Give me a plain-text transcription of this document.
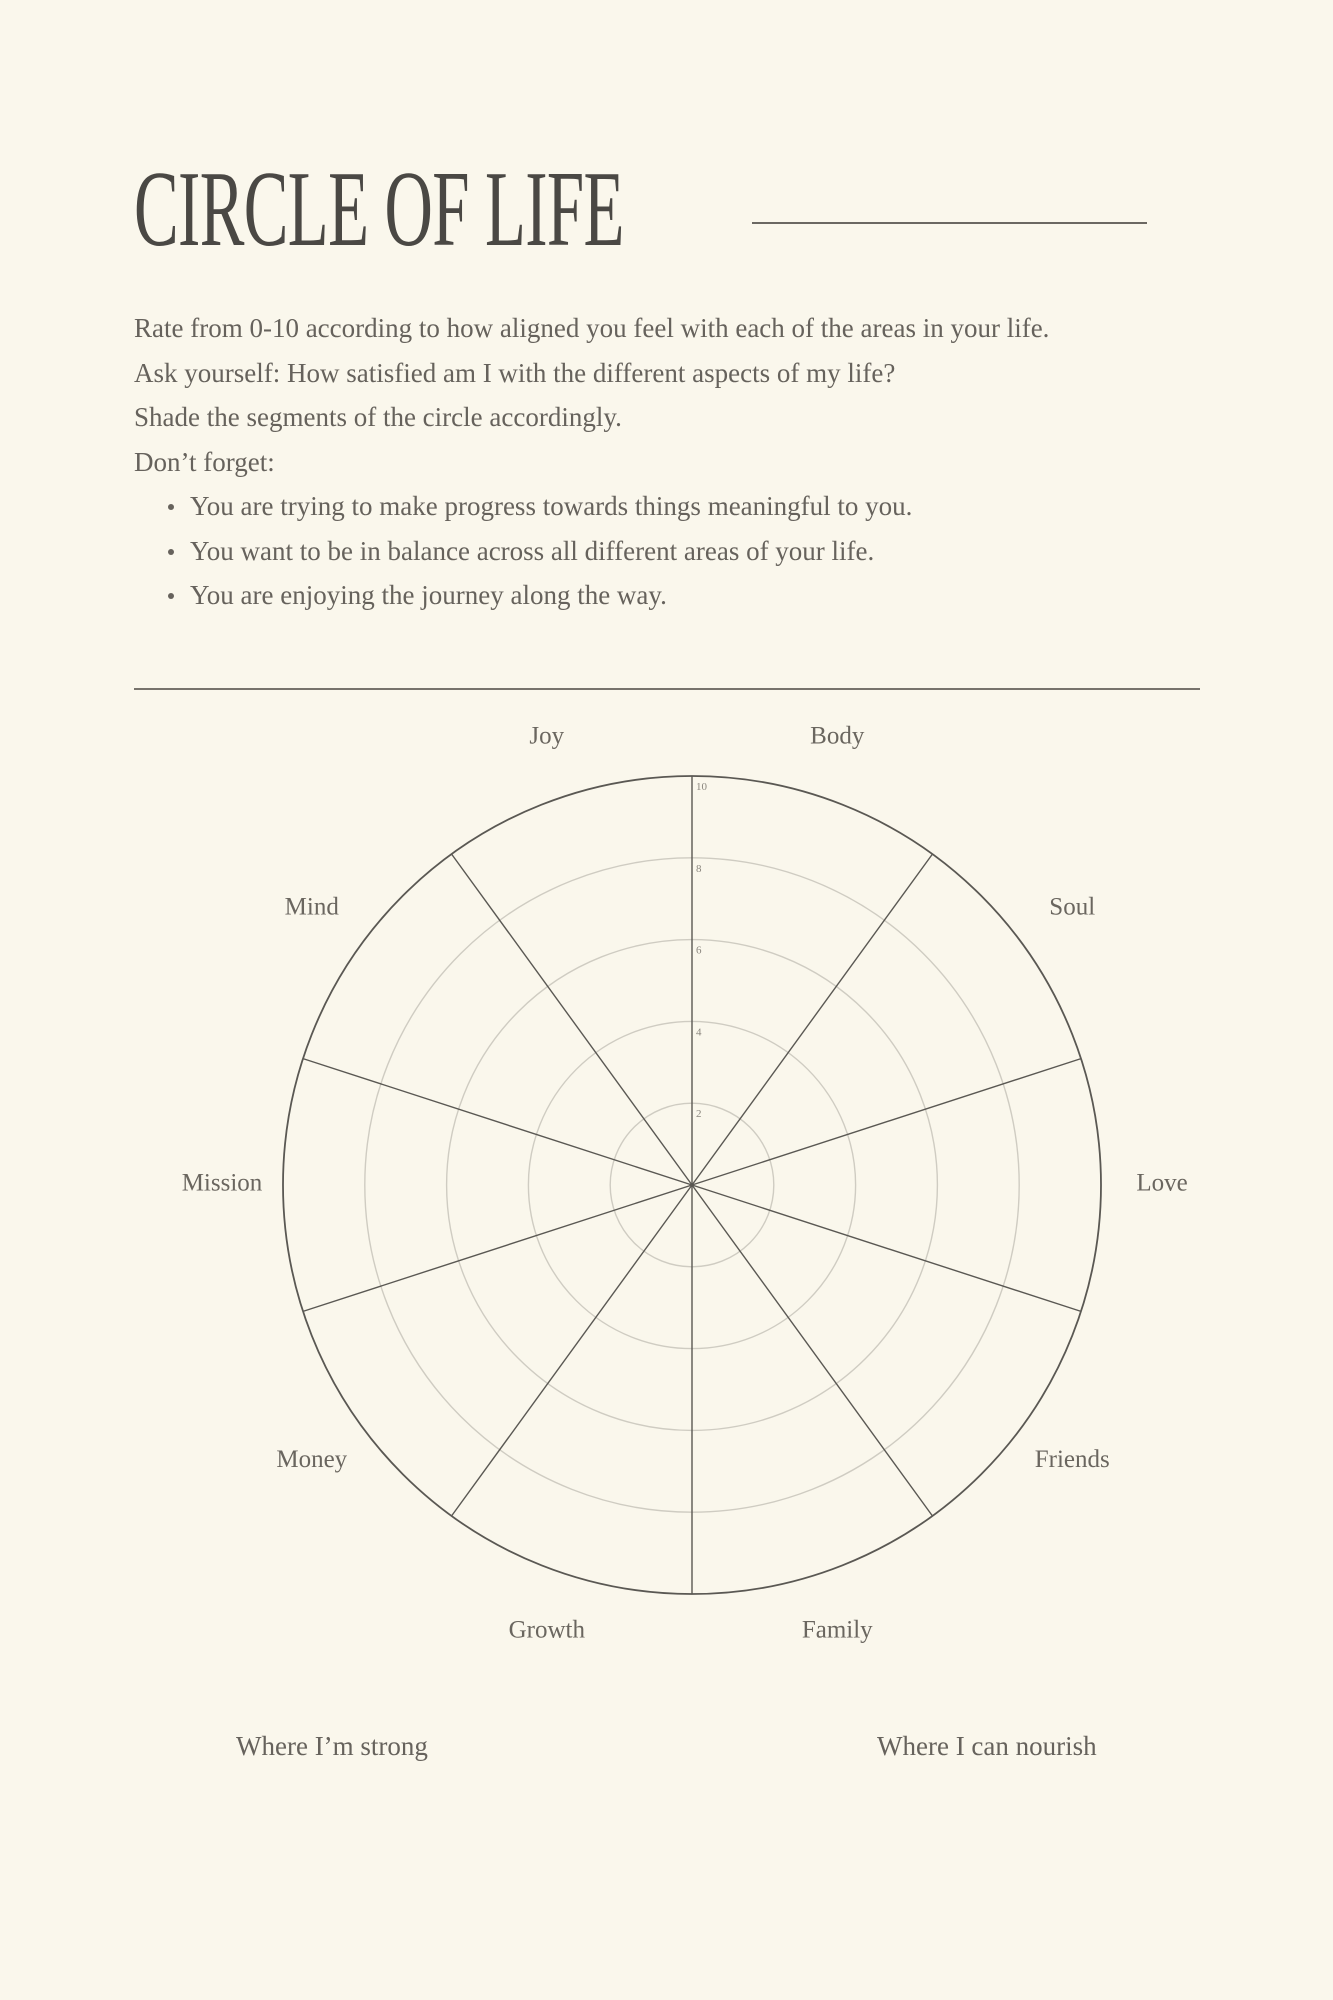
CIRCLE OF LIFE

Rate from 0-10 according to how aligned you feel with each of the areas in your life.

Ask yourself: How satisfied am I with the different aspects of my life?

Shade the segments of the circle accordingly.

Don’t forget:

You are trying to make progress towards things meaningful to you.
You want to be in balance across all different areas of your life.
You are enjoying the journey along the way.
2
4
6
8
10
Body
Soul
Love
Friends
Family
Growth
Money
Mission
Mind
Joy
Where I’m strong	Where I can nourish
